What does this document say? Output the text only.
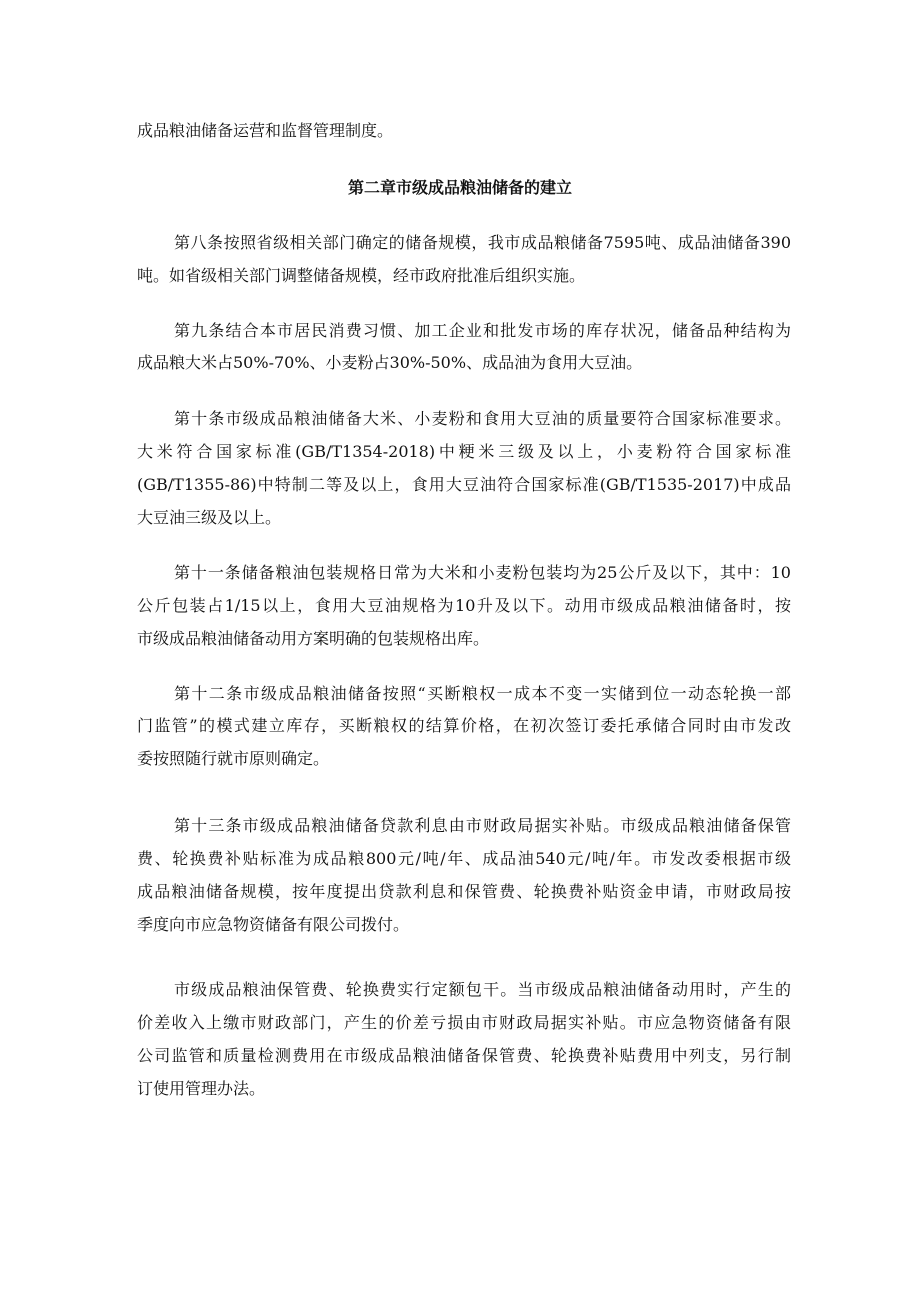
成品粮油储备运营和监督管理制度。
第二章市级成品粮油储备的建立
第八条按照省级相关部门确定的储备规模，我市成品粮储备7595吨、成品油储备390
吨。如省级相关部门调整储备规模，经市政府批准后组织实施。
第九条结合本市居民消费习惯、加工企业和批发市场的库存状况，储备品种结构为
成品粮大米占50%-70%、小麦粉占30%-50%、成品油为食用大豆油。
第十条市级成品粮油储备大米、小麦粉和食用大豆油的质量要符合国家标准要求。
大米符合国家标准(GB/T1354-2018)中粳米三级及以上，小麦粉符合国家标准
(GB/T1355-86)中特制二等及以上，食用大豆油符合国家标准(GB/T1535-2017)中成品
大豆油三级及以上。
第十一条储备粮油包装规格日常为大米和小麦粉包装均为25公斤及以下，其中：10
公斤包装占1/15以上，食用大豆油规格为10升及以下。动用市级成品粮油储备时，按
市级成品粮油储备动用方案明确的包装规格出库。
第十二条市级成品粮油储备按照“买断粮权一成本不变一实储到位一动态轮换一部
门监管”的模式建立库存，买断粮权的结算价格，在初次签订委托承储合同时由市发改
委按照随行就市原则确定。
第十三条市级成品粮油储备贷款利息由市财政局据实补贴。市级成品粮油储备保管
费、轮换费补贴标准为成品粮800元/吨/年、成品油540元/吨/年。市发改委根据市级
成品粮油储备规模，按年度提出贷款利息和保管费、轮换费补贴资金申请，市财政局按
季度向市应急物资储备有限公司拨付。
市级成品粮油保管费、轮换费实行定额包干。当市级成品粮油储备动用时，产生的
价差收入上缴市财政部门，产生的价差亏损由市财政局据实补贴。市应急物资储备有限
公司监管和质量检测费用在市级成品粮油储备保管费、轮换费补贴费用中列支，另行制
订使用管理办法。
